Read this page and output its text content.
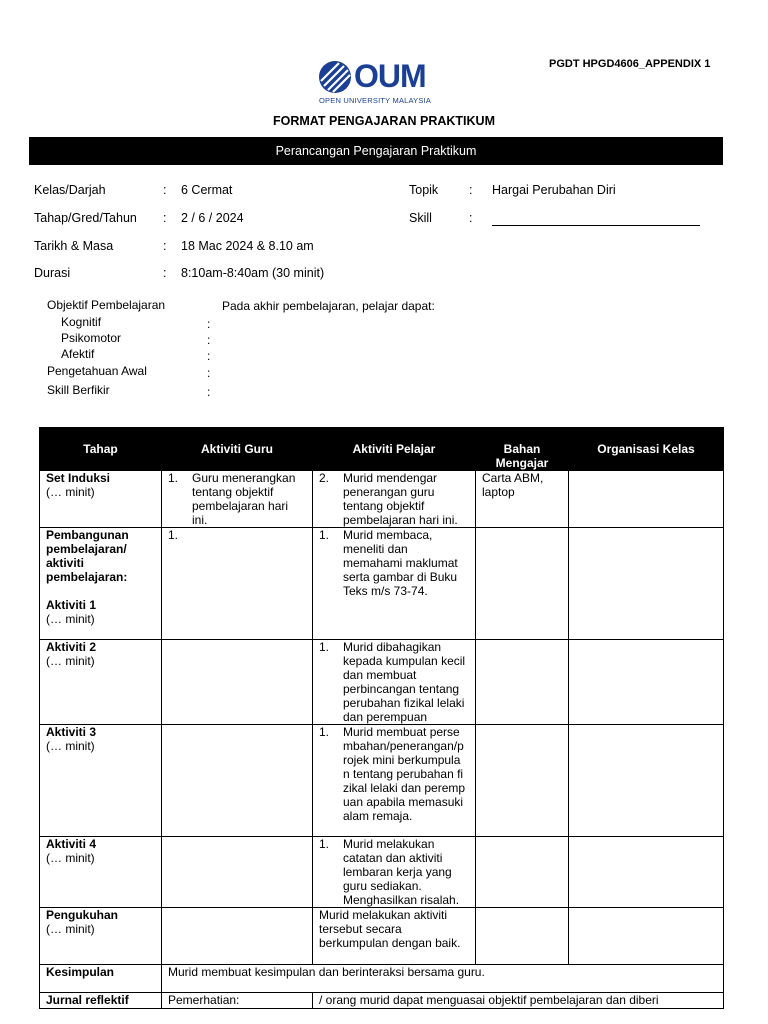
PGDT HPGD4606_APPENDIX 1
OUM
OPEN UNIVERSITY MALAYSIA
FORMAT PENGAJARAN PRAKTIKUM
Perancangan Pengajaran Praktikum
Kelas/Darjah	: 6 Cermat
Tahap/Gred/Tahun : 2 / 6 / 2024
Tarikh & Masa	: 18 Mac 2024 & 8.10 am
Durasi	: 8:10am-8:40am (30 minit)
Topik : Hargai Perubahan Diri
Skill	:
Objektif Pembelajaran	Pada akhir pembelajaran, pelajar dapat:
Kognitif	:
Psikomotor	:
Afektif	:
Pengetahuan Awal	:
Skill Berfikir	:
Tahap	Aktiviti Guru	Aktiviti Pelajar	Bahan Mengajar	Organisasi Kelas

Set Induksi
(… minit)	1. Guru menerangkan tentang objektif pembelajaran hari ini.	2. Murid mendengar penerangan guru tentang objektif pembelajaran hari ini.	Carta ABM, laptop	

Pembangunan pembelajaran/ aktiviti pembelajaran:
Aktiviti 1
(… minit)	1.	1. Murid membaca, meneliti dan memahami maklumat serta gambar di Buku Teks m/s 73-74.		

Aktiviti 2
(… minit)		1. Murid dibahagikan kepada kumpulan kecil dan membuat perbincangan tentang perubahan fizikal lelaki dan perempuan		

Aktiviti 3
(… minit)		1. Murid membuat persembahan/penerangan/projek mini berkumpulan tentang perubahan fizikal lelaki dan perempuan apabila memasuki alam remaja.		

Aktiviti 4
(… minit)		1. Murid melakukan catatan dan aktiviti lembaran kerja yang guru sediakan. Menghasilkan risalah.		

Pengukuhan
(… minit)		Murid melakukan aktiviti tersebut secara berkumpulan dengan baik.		
Kesimpulan	Murid membuat kesimpulan dan berinteraksi bersama guru.			
Jurnal reflektif	Pemerhatian:	/ orang murid dapat menguasai objektif pembelajaran dan diberi		
